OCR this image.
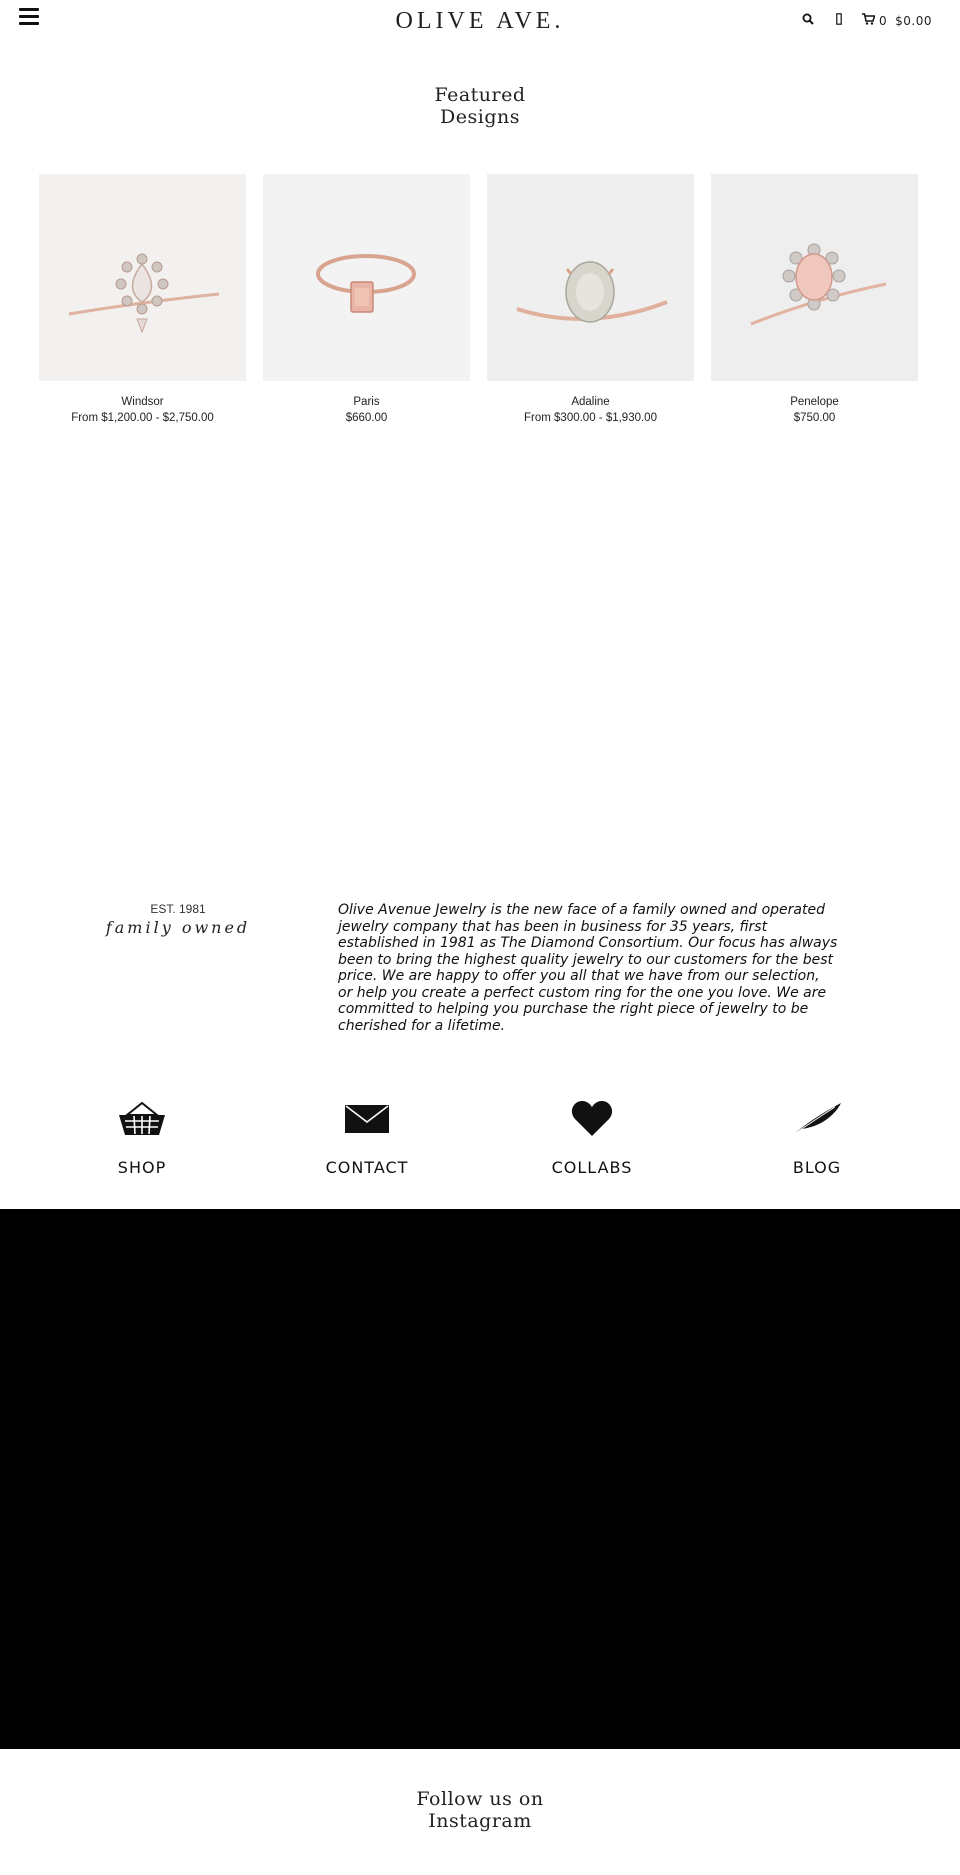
OLIVE AVE.	0 $0.00
Featured
Designs
Windsor
From $1,200.00 - $2,750.00
Paris
$660.00
Adaline
From $300.00 - $1,930.00
Penelope
$750.00
EST. 1981
family owned

Olive Avenue Jewelry is the new face of a family owned and operated jewelry company that has been in business for 35 years, first established in 1981 as The Diamond Consortium. Our focus has always been to bring the highest quality jewelry to our customers for the best price. We are happy to offer you all that we have from our selection, or help you create a perfect custom ring for the one you love. We are committed to helping you purchase the right piece of jewelry to be cherished for a lifetime.

SHOP	CONTACT	COLLABS	BLOG
Follow us on
Instagram
